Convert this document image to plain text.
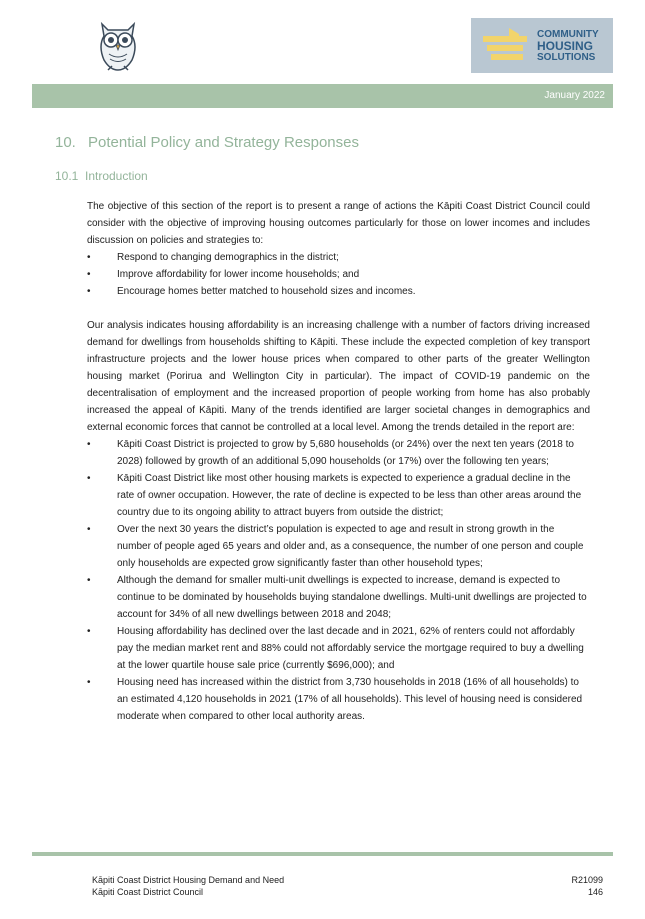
COMMUNITY
HOUSING
SOLUTIONS
January 2022
10. Potential Policy and Strategy Responses
10.1 Introduction

The objective of this section of the report is to present a range of actions the Kāpiti Coast District Council could consider with the objective of improving housing outcomes particularly for those on lower incomes and includes discussion on policies and strategies to:

•	Respond to changing demographics in the district;
•	Improve affordability for lower income households; and
•	Encourage homes better matched to household sizes and incomes.

Our analysis indicates housing affordability is an increasing challenge with a number of factors driving increased demand for dwellings from households shifting to Kāpiti. These include the expected completion of key transport infrastructure projects and the lower house prices when compared to other parts of the greater Wellington housing market (Porirua and Wellington City in particular). The impact of COVID-19 pandemic on the decentralisation of employment and the increased proportion of people working from home has also probably increased the appeal of Kāpiti. Many of the trends identified are larger societal changes in demographics and external economic forces that cannot be controlled at a local level. Among the trends detailed in the report are:

•	Kāpiti Coast District is projected to grow by 5,680 households (or 24%) over the next ten years (2018 to 2028) followed by growth of an additional 5,090 households (or 17%) over the following ten years;
•	Kāpiti Coast District like most other housing markets is expected to experience a gradual decline in the rate of owner occupation. However, the rate of decline is expected to be less than other areas around the country due to its ongoing ability to attract buyers from outside the district;
•	Over the next 30 years the district’s population is expected to age and result in strong growth in the number of people aged 65 years and older and, as a consequence, the number of one person and couple only households are expected grow significantly faster than other household types;
•	Although the demand for smaller multi-unit dwellings is expected to increase, demand is expected to continue to be dominated by households buying standalone dwellings. Multi-unit dwellings are projected to account for 34% of all new dwellings between 2018 and 2048;
•	Housing affordability has declined over the last decade and in 2021, 62% of renters could not affordably pay the median market rent and 88% could not affordably service the mortgage required to buy a dwelling at the lower quartile house sale price (currently $696,000); and
•	Housing need has increased within the district from 3,730 households in 2018 (16% of all households) to an estimated 4,120 households in 2021 (17% of all households). This level of housing need is considered moderate when compared to other local authority areas.
Kāpiti Coast District Housing Demand and Need
Kāpiti Coast District Council
R21099
146
